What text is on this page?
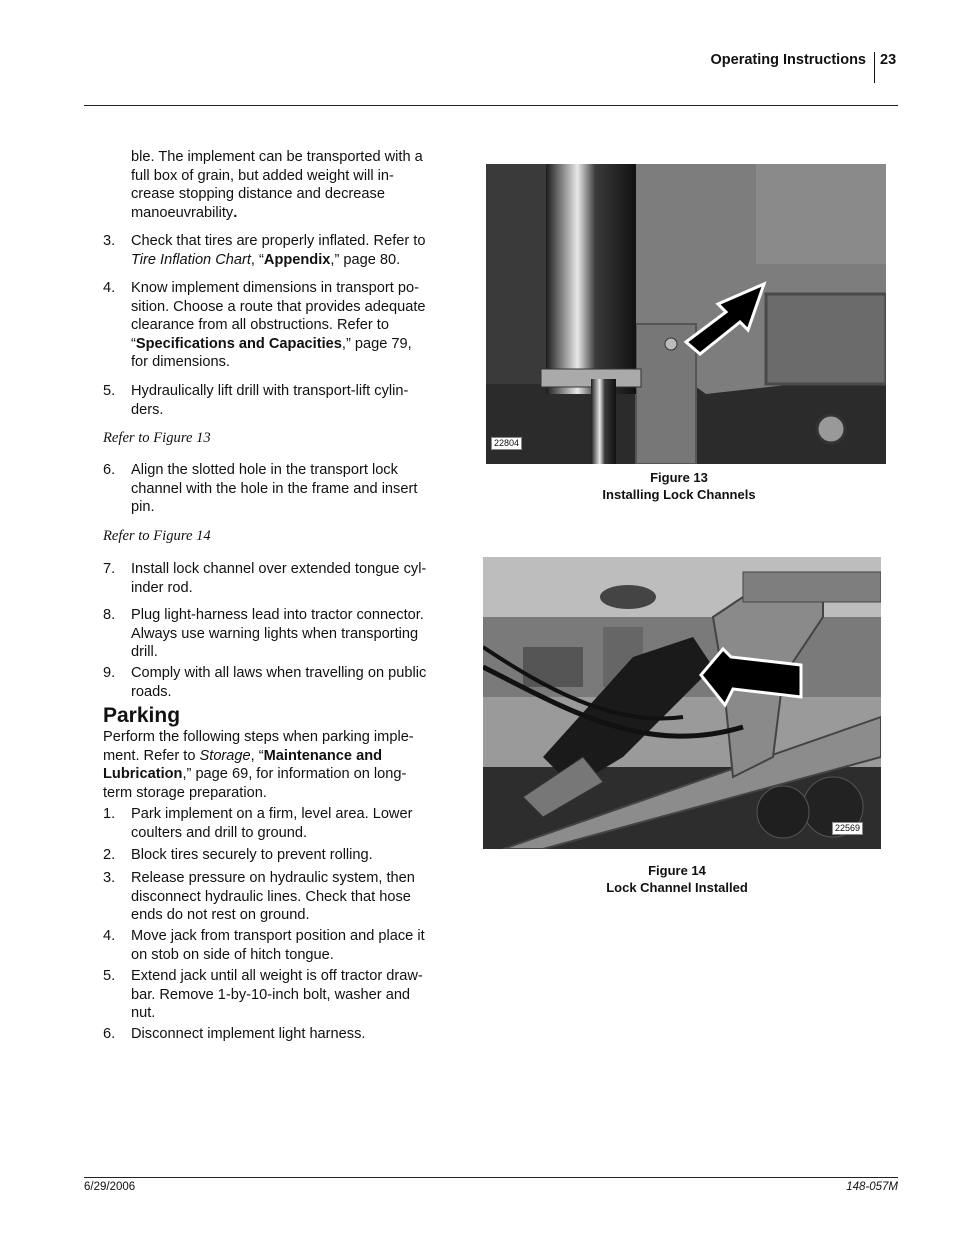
Operating Instructions 23
ble. The implement can be transported with a
full box of grain, but added weight will in-
crease stopping distance and decrease
manoeuvrability.
3.	Check that tires are properly inflated. Refer to
Tire Inflation Chart, “Appendix,” page 80.
4.	Know implement dimensions in transport po-
sition. Choose a route that provides adequate
clearance from all obstructions. Refer to
“Specifications and Capacities,” page 79,
for dimensions.
5.	Hydraulically lift drill with transport-lift cylin-
ders.
Refer to Figure 13
6.	Align the slotted hole in the transport lock
channel with the hole in the frame and insert
pin.
Refer to Figure 14
7.	Install lock channel over extended tongue cyl-
inder rod.
8.	Plug light-harness lead into tractor connector.
Always use warning lights when transporting
drill.
9.	Comply with all laws when travelling on public
roads.
Parking
Perform the following steps when parking imple-
ment. Refer to Storage, “Maintenance and
Lubrication,” page 69, for information on long-
term storage preparation.
1.	Park implement on a firm, level area. Lower
coulters and drill to ground.
2.	Block tires securely to prevent rolling.
3.	Release pressure on hydraulic system, then
disconnect hydraulic lines. Check that hose
ends do not rest on ground.
4.	Move jack from transport position and place it
on stob on side of hitch tongue.
5.	Extend jack until all weight is off tractor draw-
bar. Remove 1-by-10-inch bolt, washer and
nut.
6.	Disconnect implement light harness.
22804
Figure 13
Installing Lock Channels
22569
Figure 14
Lock Channel Installed
6/29/2006	148-057M
